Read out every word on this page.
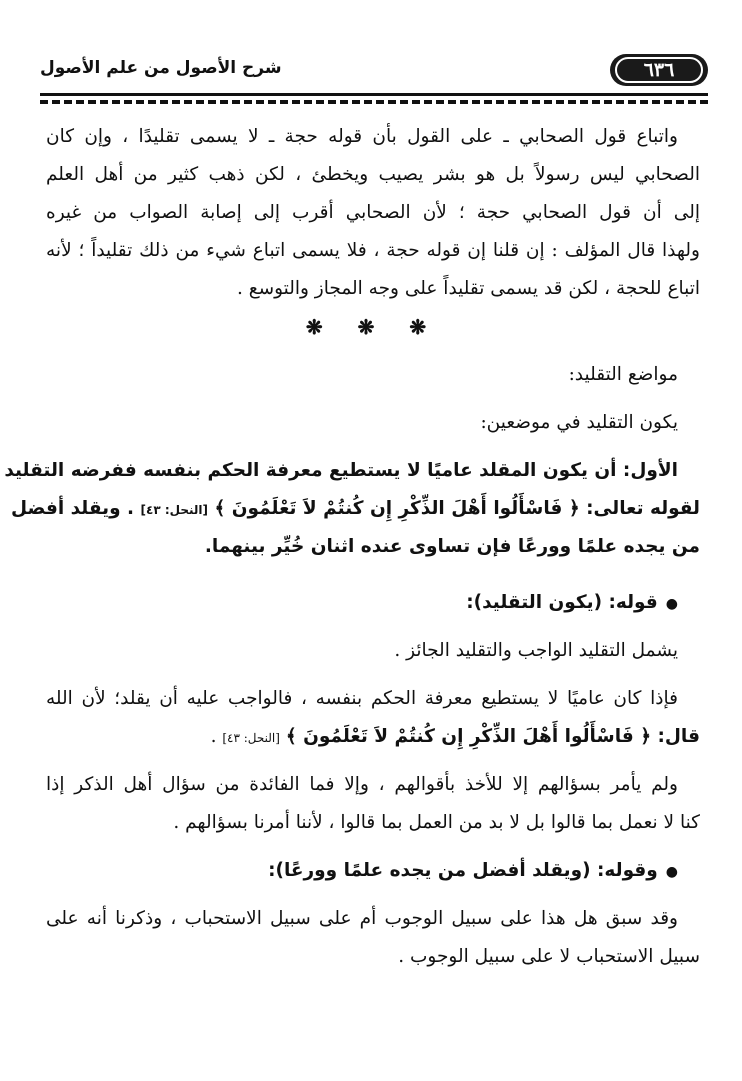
٦٣٦
شرح الأصول من علم الأصول
واتباع قول الصحابي ـ على القول بأن قوله حجة ـ لا يسمى تقليدًا ، وإن كان
الصحابي ليس رسولاً بل هو بشر يصيب ويخطئ ، لكن ذهب كثير من أهل العلم
إلى أن قول الصحابي حجة ؛ لأن الصحابي أقرب إلى إصابة الصواب من غيره
ولهذا قال المؤلف : إن قلنا إن قوله حجة ، فلا يسمى اتباع شيء من ذلك تقليداً ؛ لأنه
اتباع للحجة ، لكن قد يسمى تقليداً على وجه المجاز والتوسع .
❋ ❋ ❋
مواضع التقليد:
يكون التقليد في موضعين:
الأول: أن يكون المقلد عاميًا لا يستطيع معرفة الحكم بنفسه ففرضه التقليد
لقوله تعالى: ﴿ فَاسْأَلُوا أَهْلَ الذِّكْرِ إِن كُنتُمْ لاَ تَعْلَمُونَ ﴾ [النحل: ٤٣] . ويقلد أفضل
من يجده علمًا وورعًا فإن تساوى عنده اثنان خُيِّر بينهما.
●قوله: (يكون التقليد):
يشمل التقليد الواجب والتقليد الجائز .
فإذا كان عاميًا لا يستطيع معرفة الحكم بنفسه ، فالواجب عليه أن يقلد؛ لأن الله
قال: ﴿ فَاسْأَلُوا أَهْلَ الذِّكْرِ إِن كُنتُمْ لاَ تَعْلَمُونَ ﴾ [النحل: ٤٣] .
ولم يأمر بسؤالهم إلا للأخذ بأقوالهم ، وإلا فما الفائدة من سؤال أهل الذكر إذا
كنا لا نعمل بما قالوا بل لا بد من العمل بما قالوا ، لأننا أمرنا بسؤالهم .
●وقوله: (ويقلد أفضل من يجده علمًا وورعًا):
وقد سبق هل هذا على سبيل الوجوب أم على سبيل الاستحباب ، وذكرنا أنه على
سبيل الاستحباب لا على سبيل الوجوب .
